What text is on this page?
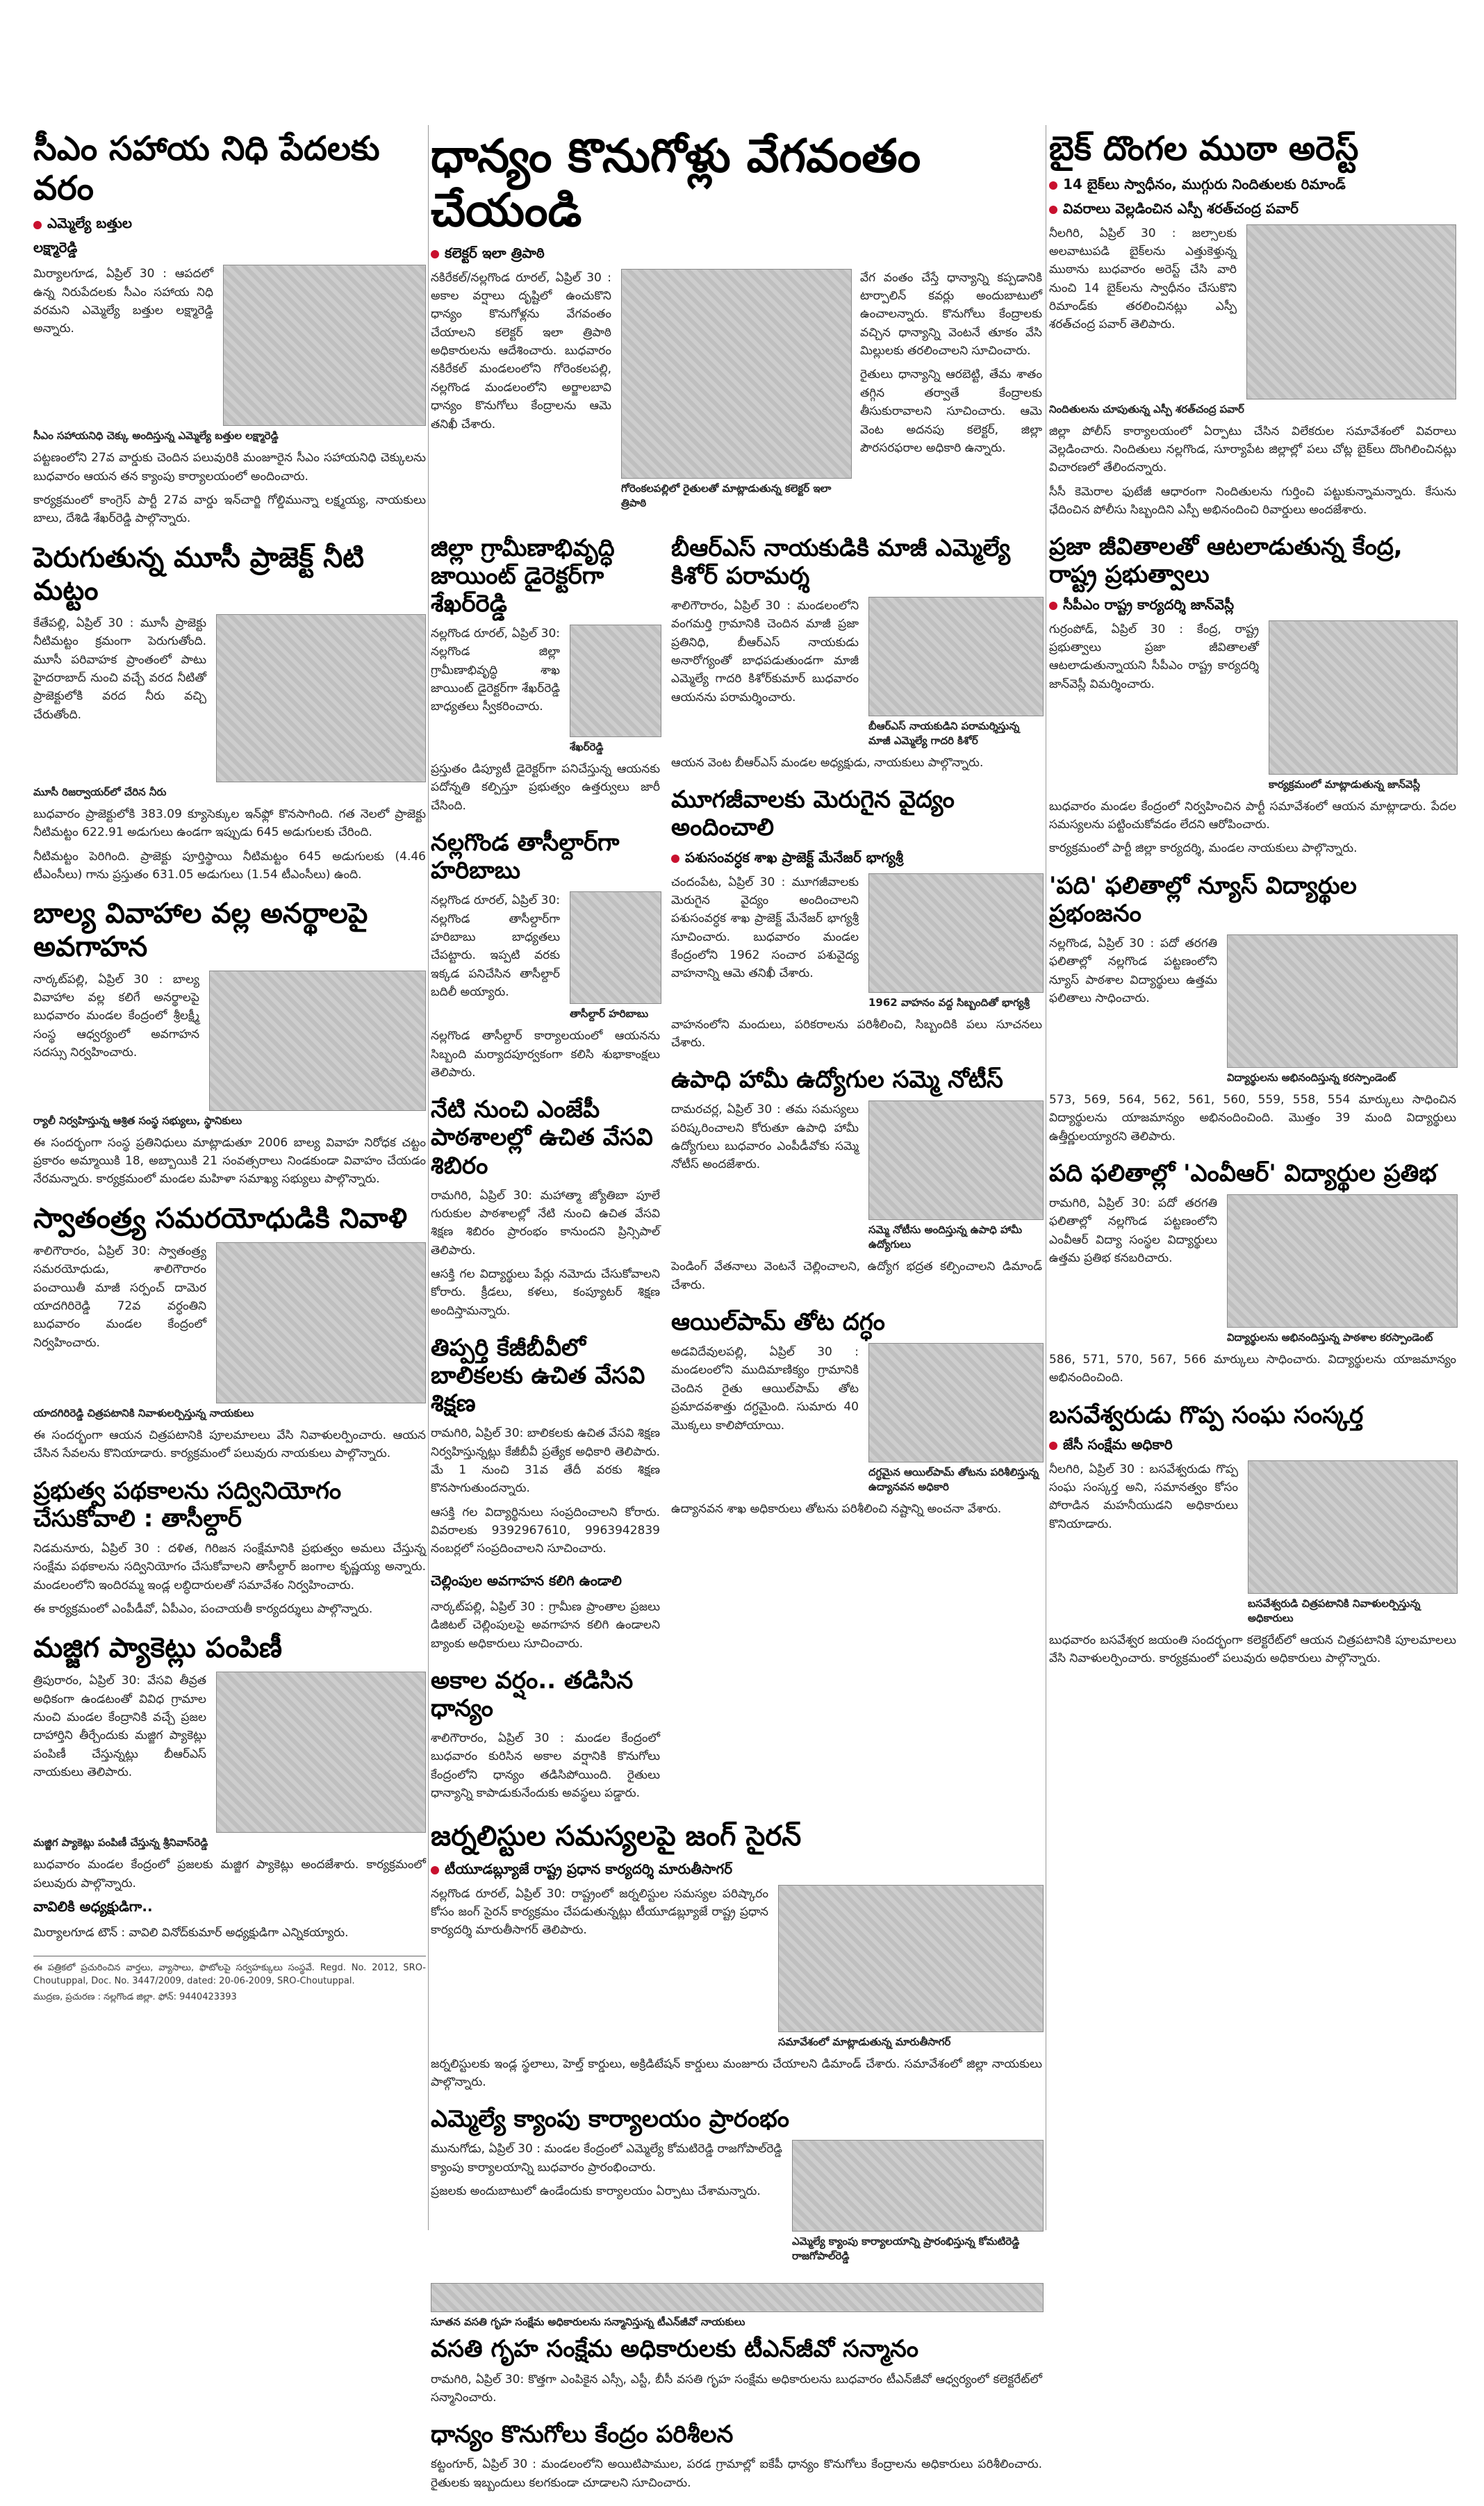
సీఎం సహాయ నిధి పేదలకు వరం
ఎమ్మెల్యే బత్తుల
లక్ష్మారెడ్డి

మిర్యాలగూడ, ఏప్రిల్ 30 : ఆపదలో ఉన్న నిరుపేదలకు సీఎం సహాయ నిధి వరమని ఎమ్మెల్యే బత్తుల లక్ష్మారెడ్డి అన్నారు.

సీఎం సహాయనిధి చెక్కు అందిస్తున్న ఎమ్మెల్యే బత్తుల లక్ష్మారెడ్డి

పట్టణంలోని 27వ వార్డుకు చెందిన పలువురికి మంజూరైన సీఎం సహాయనిధి చెక్కులను బుధవారం ఆయన తన క్యాంపు కార్యాలయంలో అందించారు.

కార్యక్రమంలో కాంగ్రెస్ పార్టీ 27వ వార్డు ఇన్‌చార్జి గోల్డిమున్నా లక్ష్మయ్య, నాయకులు బాలు, దేశిడి శేఖర్‌రెడ్డి పాల్గొన్నారు.

పెరుగుతున్న మూసీ ప్రాజెక్ట్ నీటి మట్టం

కేతేపల్లి, ఏప్రిల్ 30 : మూసీ ప్రాజెక్టు నీటిమట్టం క్రమంగా పెరుగుతోంది. మూసీ పరివాహక ప్రాంతంలో పాటు హైదరాబాద్ నుంచి వచ్చే వరద నీటితో ప్రాజెక్టులోకి వరద నీరు వచ్చి చేరుతోంది.

మూసీ రిజర్వాయర్‌లో చేరిన నీరు

బుధవారం ప్రాజెక్టులోకి 383.09 క్యూసెక్కుల ఇన్‌ఫ్లో కొనసాగింది. గత నెలలో ప్రాజెక్టు నీటిమట్టం 622.91 అడుగులు ఉండగా ఇప్పుడు 645 అడుగులకు చేరింది.

నీటిమట్టం పెరిగింది. ప్రాజెక్టు పూర్తిస్థాయి నీటిమట్టం 645 అడుగులకు (4.46 టీఎంసీలు) గాను ప్రస్తుతం 631.05 అడుగులు (1.54 టీఎంసీలు) ఉంది.

బాల్య వివాహాల వల్ల అనర్థాలపై అవగాహన

నార్కట్‌పల్లి, ఏప్రిల్ 30 : బాల్య వివాహాల వల్ల కలిగే అనర్థాలపై బుధవారం మండల కేంద్రంలో శ్రీలక్ష్మీ సంస్థ ఆధ్వర్యంలో అవగాహన సదస్సు నిర్వహించారు.

ర్యాలీ నిర్వహిస్తున్న ఆశ్రిత సంస్థ సభ్యులు, స్థానికులు

ఈ సందర్భంగా సంస్థ ప్రతినిధులు మాట్లాడుతూ 2006 బాల్య వివాహ నిరోధక చట్టం ప్రకారం అమ్మాయికి 18, అబ్బాయికి 21 సంవత్సరాలు నిండకుండా వివాహం చేయడం నేరమన్నారు. కార్యక్రమంలో మండల మహిళా సమాఖ్య సభ్యులు పాల్గొన్నారు.

స్వాతంత్ర్య సమరయోధుడికి నివాళి

శాలిగౌరారం, ఏప్రిల్ 30: స్వాతంత్ర్య సమరయోధుడు, శాలిగౌరారం పంచాయితీ మాజీ సర్పంచ్ దామెర యాదగిరిరెడ్డి 72వ వర్ధంతిని బుధవారం మండల కేంద్రంలో నిర్వహించారు.

యాదగిరిరెడ్డి చిత్రపటానికి నివాళులర్పిస్తున్న నాయకులు

ఈ సందర్భంగా ఆయన చిత్రపటానికి పూలమాలలు వేసి నివాళులర్పించారు. ఆయన చేసిన సేవలను కొనియాడారు. కార్యక్రమంలో పలువురు నాయకులు పాల్గొన్నారు.

ప్రభుత్వ పథకాలను సద్వినియోగం చేసుకోవాలి : తాసీల్దార్

నిడమనూరు, ఏప్రిల్ 30 : దళిత, గిరిజన సంక్షేమానికి ప్రభుత్వం అమలు చేస్తున్న సంక్షేమ పథకాలను సద్వినియోగం చేసుకోవాలని తాసీల్దార్ జంగాల కృష్ణయ్య అన్నారు. మండలంలోని ఇందిరమ్మ ఇండ్ల లబ్ధిదారులతో సమావేశం నిర్వహించారు.

ఈ కార్యక్రమంలో ఎంపీడీవో, ఏపీఎం, పంచాయతీ కార్యదర్శులు పాల్గొన్నారు.

మజ్జిగ ప్యాకెట్లు పంపిణీ

త్రిపురారం, ఏప్రిల్ 30: వేసవి తీవ్రత అధికంగా ఉండటంతో వివిధ గ్రామాల నుంచి మండల కేంద్రానికి వచ్చే ప్రజల దాహార్తిని తీర్చేందుకు మజ్జిగ ప్యాకెట్లు పంపిణీ చేస్తున్నట్లు బీఆర్ఎస్ నాయకులు తెలిపారు.

మజ్జిగ ప్యాకెట్లు పంపిణీ చేస్తున్న శ్రీనివాస్‌రెడ్డి

బుధవారం మండల కేంద్రంలో ప్రజలకు మజ్జిగ ప్యాకెట్లు అందజేశారు. కార్యక్రమంలో పలువురు పాల్గొన్నారు.

వావిలికి అధ్యక్షుడిగా..

మిర్యాలగూడ టౌన్ : వావిలి వినోద్‌కుమార్ అధ్యక్షుడిగా ఎన్నికయ్యారు.

ఈ పత్రికలో ప్రచురించిన వార్తలు, వ్యాసాలు, ఫొటోలపై సర్వహక్కులు సంస్థవే. Regd. No. 2012, SRO-Choutuppal, Doc. No. 3447/2009, dated: 20-06-2009, SRO-Choutuppal.

ముద్రణ, ప్రచురణ : నల్లగొండ జిల్లా. ఫోన్: 9440423393

ధాన్యం కొనుగోళ్లు వేగవంతం చేయండి
కలెక్టర్ ఇలా త్రిపాఠి

నకిరేకల్/నల్లగొండ రూరల్, ఏప్రిల్ 30 : అకాల వర్షాలు దృష్టిలో ఉంచుకొని ధాన్యం కొనుగోళ్లను వేగవంతం చేయాలని కలెక్టర్ ఇలా త్రిపాఠి అధికారులను ఆదేశించారు. బుధవారం నకిరేకల్ మండలంలోని గోరెంకలపల్లి, నల్లగొండ మండలంలోని అర్జాలబావి ధాన్యం కొనుగోలు కేంద్రాలను ఆమె తనిఖీ చేశారు.

గోరెంకలపల్లిలో రైతులతో మాట్లాడుతున్న కలెక్టర్ ఇలా త్రిపాఠి

వేగ వంతం చేస్తే ధాన్యాన్ని కప్పడానికి టార్పాలిన్ కవర్లు అందుబాటులో ఉంచాలన్నారు. కొనుగోలు కేంద్రాలకు వచ్చిన ధాన్యాన్ని వెంటనే తూకం వేసి మిల్లులకు తరలించాలని సూచించారు.

రైతులు ధాన్యాన్ని ఆరబెట్టి, తేమ శాతం తగ్గిన తర్వాతే కేంద్రాలకు తీసుకురావాలని సూచించారు. ఆమె వెంట అదనపు కలెక్టర్, జిల్లా పౌరసరఫరాల అధికారి ఉన్నారు.

జిల్లా గ్రామీణాభివృద్ధి జాయింట్ డైరెక్టర్‌గా శేఖర్‌రెడ్డి

నల్లగొండ రూరల్, ఏప్రిల్ 30: నల్లగొండ జిల్లా గ్రామీణాభివృద్ధి శాఖ జాయింట్ డైరెక్టర్‌గా శేఖర్‌రెడ్డి బాధ్యతలు స్వీకరించారు.

శేఖర్‌రెడ్డి

ప్రస్తుతం డిప్యూటీ డైరెక్టర్‌గా పనిచేస్తున్న ఆయనకు పదోన్నతి కల్పిస్తూ ప్రభుత్వం ఉత్తర్వులు జారీ చేసింది.

నల్లగొండ తాసీల్దార్‌గా హరిబాబు

నల్లగొండ రూరల్, ఏప్రిల్ 30: నల్లగొండ తాసీల్దార్‌గా హరిబాబు బాధ్యతలు చేపట్టారు. ఇప్పటి వరకు ఇక్కడ పనిచేసిన తాసీల్దార్ బదిలీ అయ్యారు.

తాసీల్దార్ హరిబాబు

నల్లగొండ తాసీల్దార్ కార్యాలయంలో ఆయనను సిబ్బంది మర్యాదపూర్వకంగా కలిసి శుభాకాంక్షలు తెలిపారు.

నేటి నుంచి ఎంజేపీ పాఠశాలల్లో ఉచిత వేసవి శిబిరం

రామగిరి, ఏప్రిల్ 30: మహాత్మా జ్యోతిబా పూలే గురుకుల పాఠశాలల్లో నేటి నుంచి ఉచిత వేసవి శిక్షణ శిబిరం ప్రారంభం కానుందని ప్రిన్సిపాల్ తెలిపారు.

ఆసక్తి గల విద్యార్థులు పేర్లు నమోదు చేసుకోవాలని కోరారు. క్రీడలు, కళలు, కంప్యూటర్ శిక్షణ అందిస్తామన్నారు.

తిప్పర్తి కేజీబీవీలో బాలికలకు ఉచిత వేసవి శిక్షణ

రామగిరి, ఏప్రిల్ 30: బాలికలకు ఉచిత వేసవి శిక్షణ నిర్వహిస్తున్నట్లు కేజీబీవీ ప్రత్యేక అధికారి తెలిపారు. మే 1 నుంచి 31వ తేదీ వరకు శిక్షణ కొనసాగుతుందన్నారు.

ఆసక్తి గల విద్యార్థినులు సంప్రదించాలని కోరారు. వివరాలకు 9392967610, 9963942839 నంబర్లలో సంప్రదించాలని సూచించారు.

చెల్లింపుల అవగాహన కలిగి ఉండాలి

నార్కట్‌పల్లి, ఏప్రిల్ 30 : గ్రామీణ ప్రాంతాల ప్రజలు డిజిటల్ చెల్లింపులపై అవగాహన కలిగి ఉండాలని బ్యాంకు అధికారులు సూచించారు.

అకాల వర్షం.. తడిసిన ధాన్యం

శాలిగౌరారం, ఏప్రిల్ 30 : మండల కేంద్రంలో బుధవారం కురిసిన అకాల వర్షానికి కొనుగోలు కేంద్రంలోని ధాన్యం తడిసిపోయింది. రైతులు ధాన్యాన్ని కాపాడుకునేందుకు అవస్థలు పడ్డారు.

బీఆర్ఎస్ నాయకుడికి మాజీ ఎమ్మెల్యే కిశోర్ పరామర్శ

శాలిగౌరారం, ఏప్రిల్ 30 : మండలంలోని వంగమర్తి గ్రామానికి చెందిన మాజీ ప్రజా ప్రతినిధి, బీఆర్ఎస్ నాయకుడు అనారోగ్యంతో బాధపడుతుండగా మాజీ ఎమ్మెల్యే గాదరి కిశోర్‌కుమార్ బుధవారం ఆయనను పరామర్శించారు.

బీఆర్ఎస్ నాయకుడిని పరామర్శిస్తున్న మాజీ ఎమ్మెల్యే గాదరి కిశోర్

ఆయన వెంట బీఆర్ఎస్ మండల అధ్యక్షుడు, నాయకులు పాల్గొన్నారు.

మూగజీవాలకు మెరుగైన వైద్యం అందించాలి
పశుసంవర్ధక శాఖ ప్రాజెక్ట్ మేనేజర్ భాగ్యశ్రీ

చందంపేట, ఏప్రిల్ 30 : మూగజీవాలకు మెరుగైన వైద్యం అందించాలని పశుసంవర్ధక శాఖ ప్రాజెక్ట్ మేనేజర్ భాగ్యశ్రీ సూచించారు. బుధవారం మండల కేంద్రంలోని 1962 సంచార పశువైద్య వాహనాన్ని ఆమె తనిఖీ చేశారు.

1962 వాహనం వద్ద సిబ్బందితో భాగ్యశ్రీ

వాహనంలోని మందులు, పరికరాలను పరిశీలించి, సిబ్బందికి పలు సూచనలు చేశారు.

ఉపాధి హామీ ఉద్యోగుల సమ్మె నోటీస్

దామరచర్ల, ఏప్రిల్ 30 : తమ సమస్యలు పరిష్కరించాలని కోరుతూ ఉపాధి హామీ ఉద్యోగులు బుధవారం ఎంపీడీవోకు సమ్మె నోటీస్ అందజేశారు.

సమ్మె నోటీసు అందిస్తున్న ఉపాధి హామీ ఉద్యోగులు

పెండింగ్ వేతనాలు వెంటనే చెల్లించాలని, ఉద్యోగ భద్రత కల్పించాలని డిమాండ్ చేశారు.

ఆయిల్‌పామ్ తోట దగ్ధం

అడవిదేవులపల్లి, ఏప్రిల్ 30 : మండలంలోని ముదిమాణిక్యం గ్రామానికి చెందిన రైతు ఆయిల్‌పామ్ తోట ప్రమాదవశాత్తు దగ్ధమైంది. సుమారు 40 మొక్కలు కాలిపోయాయి.

దగ్ధమైన ఆయిల్‌పామ్ తోటను పరిశీలిస్తున్న ఉద్యానవన అధికారి

ఉద్యానవన శాఖ అధికారులు తోటను పరిశీలించి నష్టాన్ని అంచనా వేశారు.

జర్నలిస్టుల సమస్యలపై జంగ్ సైరన్
టీయూడబ్ల్యూజే రాష్ట్ర ప్రధాన కార్యదర్శి మారుతీసాగర్

నల్లగొండ రూరల్, ఏప్రిల్ 30: రాష్ట్రంలో జర్నలిస్టుల సమస్యల పరిష్కారం కోసం జంగ్ సైరన్ కార్యక్రమం చేపడుతున్నట్లు టీయూడబ్ల్యూజే రాష్ట్ర ప్రధాన కార్యదర్శి మారుతీసాగర్ తెలిపారు.

సమావేశంలో మాట్లాడుతున్న మారుతీసాగర్

జర్నలిస్టులకు ఇండ్ల స్థలాలు, హెల్త్ కార్డులు, అక్రిడిటేషన్ కార్డులు మంజూరు చేయాలని డిమాండ్ చేశారు. సమావేశంలో జిల్లా నాయకులు పాల్గొన్నారు.

ఎమ్మెల్యే క్యాంపు కార్యాలయం ప్రారంభం

మునుగోడు, ఏప్రిల్ 30 : మండల కేంద్రంలో ఎమ్మెల్యే కోమటిరెడ్డి రాజగోపాల్‌రెడ్డి క్యాంపు కార్యాలయాన్ని బుధవారం ప్రారంభించారు.

ప్రజలకు అందుబాటులో ఉండేందుకు కార్యాలయం ఏర్పాటు చేశామన్నారు.

ఎమ్మెల్యే క్యాంపు కార్యాలయాన్ని ప్రారంభిస్తున్న కోమటిరెడ్డి రాజగోపాల్‌రెడ్డి
సూతన వసతి గృహ సంక్షేమ అధికారులను సన్మానిస్తున్న టీఎన్‌జీవో నాయకులు
వసతి గృహ సంక్షేమ అధికారులకు టీఎన్‌జీవో సన్మానం

రామగిరి, ఏప్రిల్ 30: కొత్తగా ఎంపికైన ఎస్సీ, ఎస్టీ, బీసీ వసతి గృహ సంక్షేమ అధికారులను బుధవారం టీఎన్‌జీవో ఆధ్వర్యంలో కలెక్టరేట్‌లో సన్మానించారు.

ధాన్యం కొనుగోలు కేంద్రం పరిశీలన

కట్టంగూర్, ఏప్రిల్ 30 : మండలంలోని అయిటిపాముల, పరడ గ్రామాల్లో ఐకేపీ ధాన్యం కొనుగోలు కేంద్రాలను అధికారులు పరిశీలించారు. రైతులకు ఇబ్బందులు కలగకుండా చూడాలని సూచించారు.

బైక్ దొంగల ముఠా అరెస్ట్
14 బైక్‌లు స్వాధీనం, ముగ్గురు నిందితులకు రిమాండ్
వివరాలు వెల్లడించిన ఎస్పీ శరత్‌చంద్ర పవార్

నీలగిరి, ఏప్రిల్ 30 : జల్సాలకు అలవాటుపడి బైక్‌లను ఎత్తుకెళ్తున్న ముఠాను బుధవారం అరెస్ట్ చేసి వారి నుంచి 14 బైక్‌లను స్వాధీనం చేసుకొని రిమాండ్‌కు తరలించినట్లు ఎస్పీ శరత్‌చంద్ర పవార్ తెలిపారు.

నిందితులను చూపుతున్న ఎస్పీ శరత్‌చంద్ర పవార్

జిల్లా పోలీస్ కార్యాలయంలో ఏర్పాటు చేసిన విలేకరుల సమావేశంలో వివరాలు వెల్లడించారు. నిందితులు నల్లగొండ, సూర్యాపేట జిల్లాల్లో పలు చోట్ల బైక్‌లు దొంగిలించినట్లు విచారణలో తేలిందన్నారు.

సీసీ కెమెరాల ఫుటేజీ ఆధారంగా నిందితులను గుర్తించి పట్టుకున్నామన్నారు. కేసును ఛేదించిన పోలీసు సిబ్బందిని ఎస్పీ అభినందించి రివార్డులు అందజేశారు.

ప్రజా జీవితాలతో ఆటలాడుతున్న కేంద్ర, రాష్ట్ర ప్రభుత్వాలు
సీపీఎం రాష్ట్ర కార్యదర్శి జాన్‌వెస్లీ

గుర్రంపోడ్, ఏప్రిల్ 30 : కేంద్ర, రాష్ట్ర ప్రభుత్వాలు ప్రజా జీవితాలతో ఆటలాడుతున్నాయని సీపీఎం రాష్ట్ర కార్యదర్శి జాన్‌వెస్లీ విమర్శించారు.

కార్యక్రమంలో మాట్లాడుతున్న జాన్‌వెస్లీ

బుధవారం మండల కేంద్రంలో నిర్వహించిన పార్టీ సమావేశంలో ఆయన మాట్లాడారు. పేదల సమస్యలను పట్టించుకోవడం లేదని ఆరోపించారు.

కార్యక్రమంలో పార్టీ జిల్లా కార్యదర్శి, మండల నాయకులు పాల్గొన్నారు.

'పది' ఫలితాల్లో న్యూస్ విద్యార్థుల ప్రభంజనం

నల్లగొండ, ఏప్రిల్ 30 : పదో తరగతి ఫలితాల్లో నల్లగొండ పట్టణంలోని న్యూస్ పాఠశాల విద్యార్థులు ఉత్తమ ఫలితాలు సాధించారు.

విద్యార్థులను అభినందిస్తున్న కరస్పాండెంట్

573, 569, 564, 562, 561, 560, 559, 558, 554 మార్కులు సాధించిన విద్యార్థులను యాజమాన్యం అభినందించింది. మొత్తం 39 మంది విద్యార్థులు ఉత్తీర్ణులయ్యారని తెలిపారు.

పది ఫలితాల్లో 'ఎంవీఆర్' విద్యార్థుల ప్రతిభ

రామగిరి, ఏప్రిల్ 30: పదో తరగతి ఫలితాల్లో నల్లగొండ పట్టణంలోని ఎంవీఆర్ విద్యా సంస్థల విద్యార్థులు ఉత్తమ ప్రతిభ కనబరిచారు.

విద్యార్థులను అభినందిస్తున్న పాఠశాల కరస్పాండెంట్

586, 571, 570, 567, 566 మార్కులు సాధించారు. విద్యార్థులను యాజమాన్యం అభినందించింది.

బసవేశ్వరుడు గొప్ప సంఘ సంస్కర్త
జేసీ సంక్షేమ అధికారి

నీలగిరి, ఏప్రిల్ 30 : బసవేశ్వరుడు గొప్ప సంఘ సంస్కర్త అని, సమానత్వం కోసం పోరాడిన మహనీయుడని అధికారులు కొనియాడారు.

బసవేశ్వరుడి చిత్రపటానికి నివాళులర్పిస్తున్న అధికారులు

బుధవారం బసవేశ్వర జయంతి సందర్భంగా కలెక్టరేట్‌లో ఆయన చిత్రపటానికి పూలమాలలు వేసి నివాళులర్పించారు. కార్యక్రమంలో పలువురు అధికారులు పాల్గొన్నారు.
